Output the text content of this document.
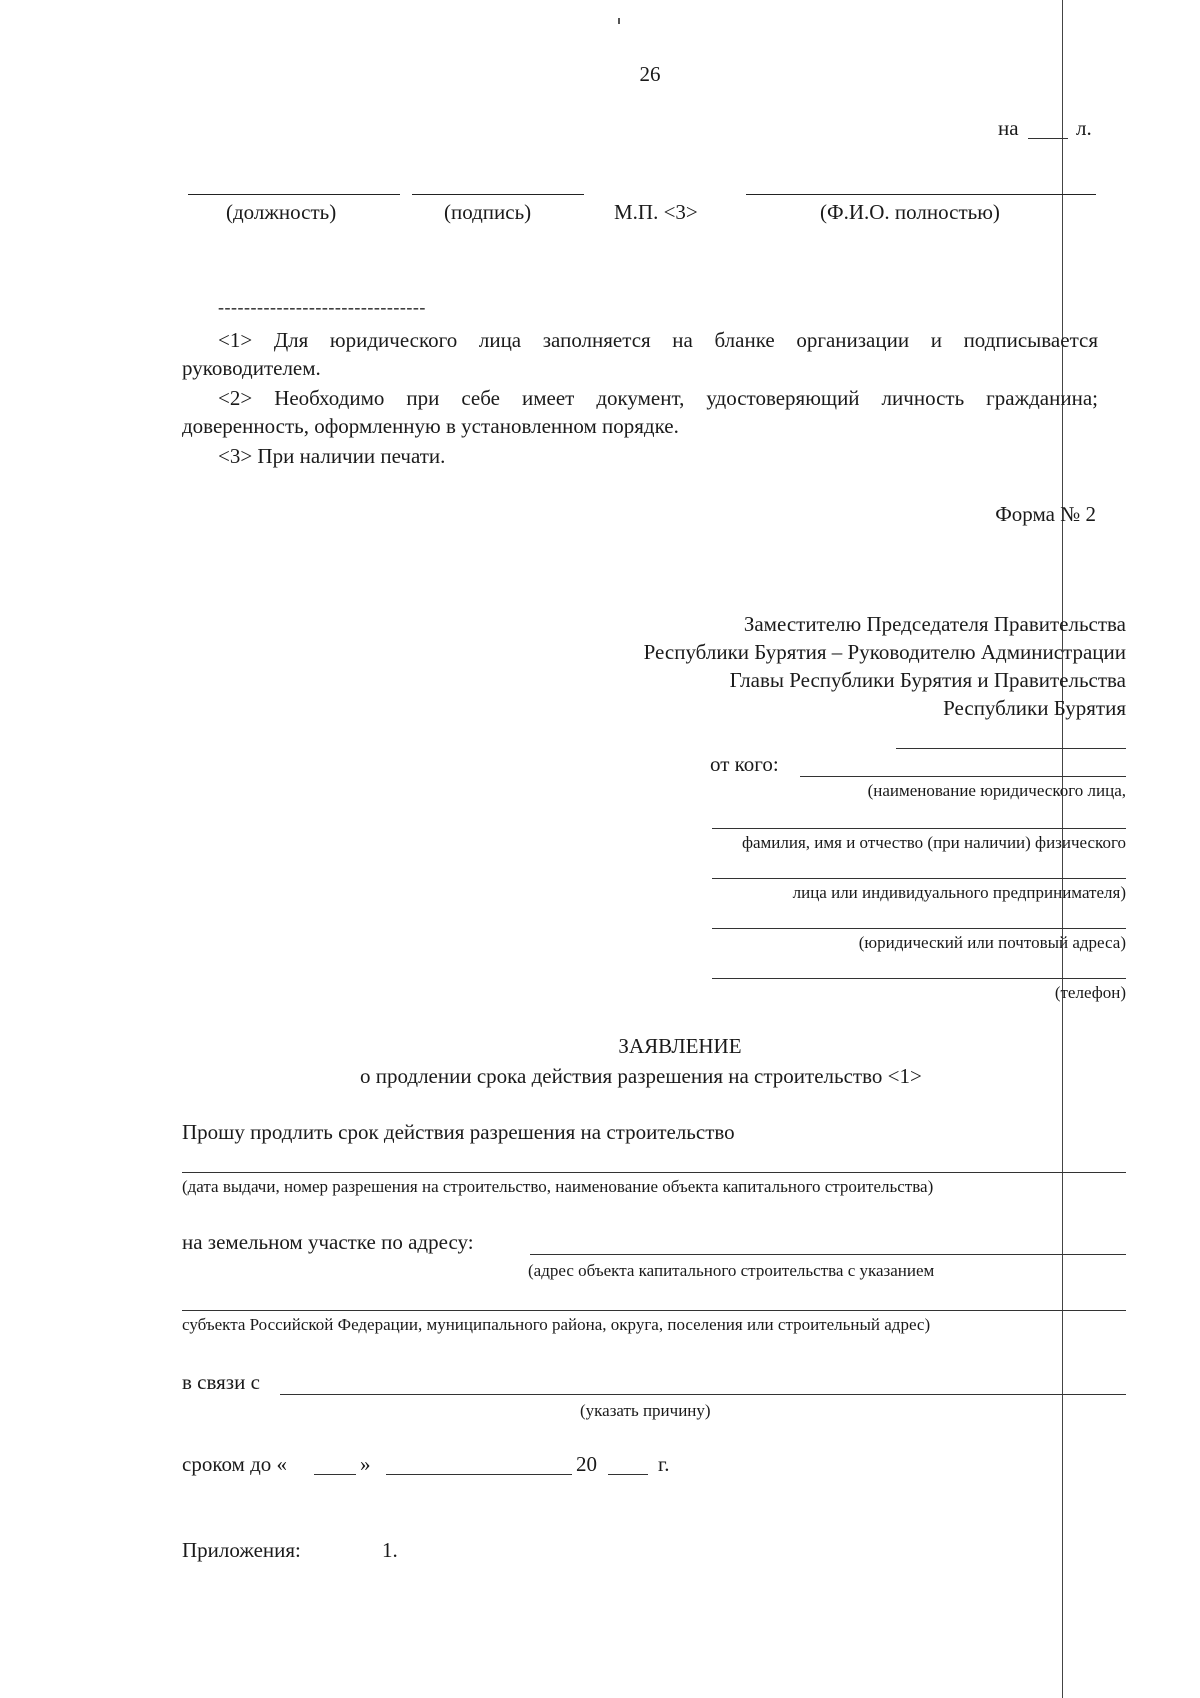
26
на	л.
(должность)	(подпись)	М.П. <3>	(Ф.И.О. полностью)
--------------------------------
<1> Для юридического лица заполняется на бланке организации и подписывается
руководителем.
<2> Необходимо при себе имеет документ, удостоверяющий личность гражданина;
доверенность, оформленную в установленном порядке.
<3> При наличии печати.
Форма № 2
Заместителю Председателя Правительства
Республики Бурятия – Руководителю Администрации
Главы Республики Бурятия и Правительства
Республики Бурятия
от кого:
(наименование юридического лица,
фамилия, имя и отчество (при наличии) физического
лица или индивидуального предпринимателя)
(юридический или почтовый адреса)
(телефон)
ЗАЯВЛЕНИЕ
о продлении срока действия разрешения на строительство <1>
Прошу продлить срок действия разрешения на строительство
(дата выдачи, номер разрешения на строительство, наименование объекта капитального строительства)
на земельном участке по адресу:
(адрес объекта капитального строительства с указанием
субъекта Российской Федерации, муниципального района, округа, поселения или строительный адрес)
в связи с
(указать причину)
сроком до «	»	20	г.
Приложения:	1.
